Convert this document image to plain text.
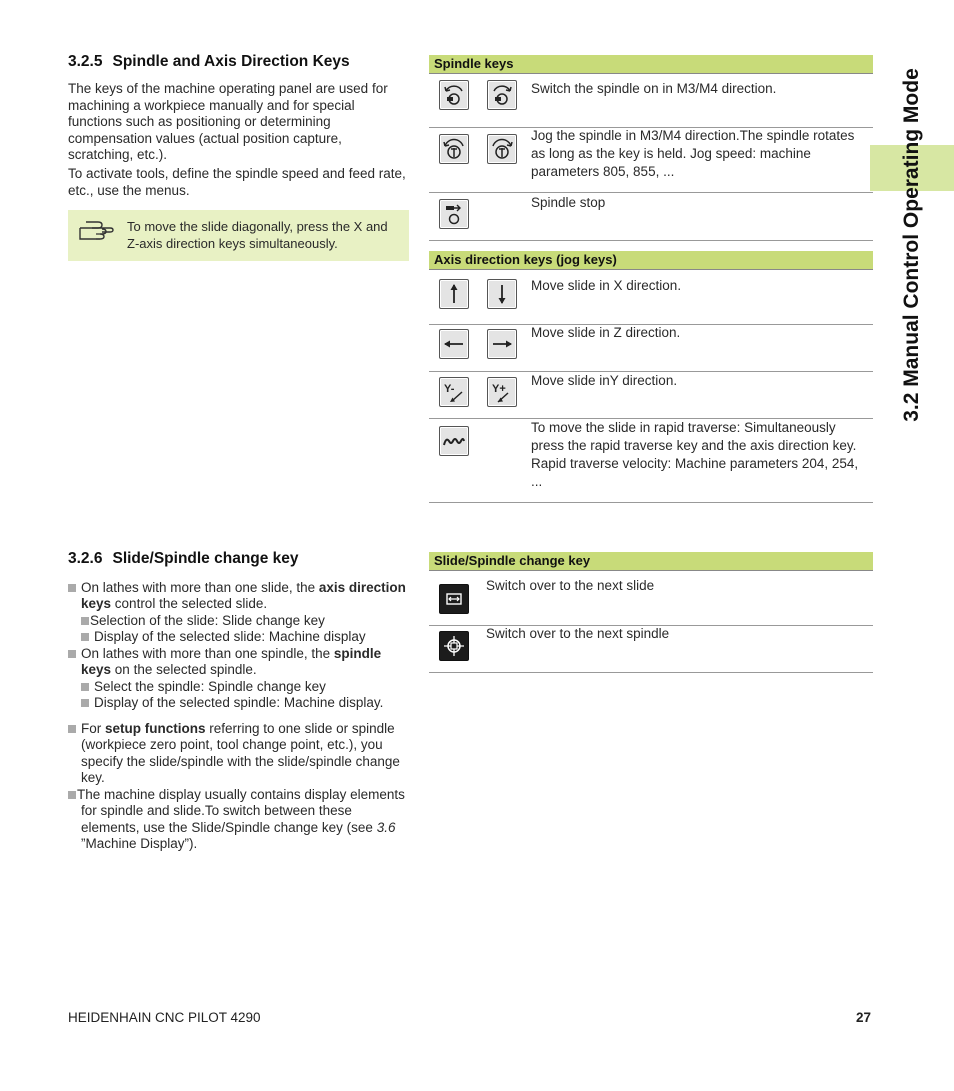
3.2.5 Spindle and Axis Direction Keys
The keys of the machine operating panel are used for machining a workpiece manually and for special functions such as positioning or determining compensation values (actual position capture, scratching, etc.).
To activate tools, define the spindle speed and feed rate, etc., use the menus.
To move the slide diagonally, press the X and Z-axis direction keys simultaneously.
Spindle keys
Switch the spindle on in M3/M4 direction.
Jog the spindle in M3/M4 direction.The spindle rotates as long as the key is held. Jog speed: machine parameters 805, 855, ...
Spindle stop
Axis direction keys (jog keys)
Move slide in X direction.
Move slide in Z direction.
Y-	Y+
Move slide inY direction.
To move the slide in rapid traverse: Simultaneously press the rapid traverse key and the axis direction key. Rapid traverse velocity: Machine parameters 204, 254, ...
3.2.6 Slide/Spindle change key
On lathes with more than one slide, the axis direction keys control the selected slide.
Selection of the slide: Slide change key
Display of the selected slide: Machine display
On lathes with more than one spindle, the spindle keys on the selected spindle.
Select the spindle: Spindle change key
Display of the selected spindle: Machine display.
For setup functions referring to one slide or spindle (workpiece zero point, tool change point, etc.), you specify the slide/spindle with the slide/spindle change key.
The machine display usually contains display elements for spindle and slide.To switch between these elements, use the Slide/Spindle change key (see 3.6 ”Machine Display”).
Slide/Spindle change key
Switch over to the next slide
Switch over to the next spindle
3.2 Manual Control Operating Mode
HEIDENHAIN CNC PILOT 4290	27
